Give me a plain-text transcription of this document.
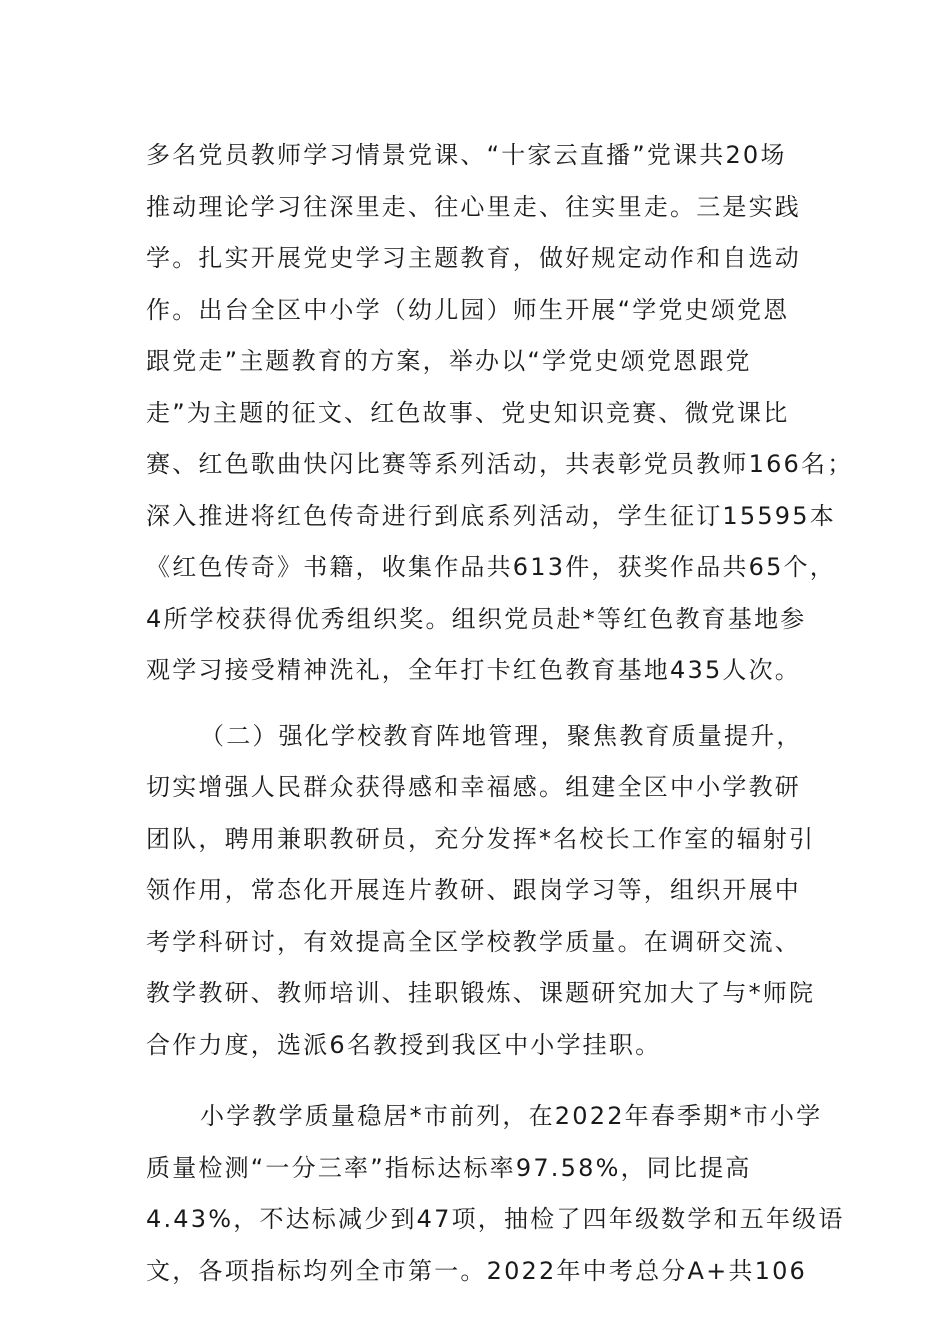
多名党员教师学习情景党课、“十家云直播”党课共20场
推动理论学习往深里走、往心里走、往实里走。三是实践
学。扎实开展党史学习主题教育，做好规定动作和自选动
作。出台全区中小学（幼儿园）师生开展“学党史颂党恩
跟党走”主题教育的方案，举办以“学党史颂党恩跟党
走”为主题的征文、红色故事、党史知识竞赛、微党课比
赛、红色歌曲快闪比赛等系列活动，共表彰党员教师166名；
深入推进将红色传奇进行到底系列活动，学生征订15595本
《红色传奇》书籍，收集作品共613件，获奖作品共65个，
4所学校获得优秀组织奖。组织党员赴*等红色教育基地参
观学习接受精神洗礼，全年打卡红色教育基地435人次。
（二）强化学校教育阵地管理，聚焦教育质量提升，
切实增强人民群众获得感和幸福感。组建全区中小学教研
团队，聘用兼职教研员，充分发挥*名校长工作室的辐射引
领作用，常态化开展连片教研、跟岗学习等，组织开展中
考学科研讨，有效提高全区学校教学质量。在调研交流、
教学教研、教师培训、挂职锻炼、课题研究加大了与*师院
合作力度，选派6名教授到我区中小学挂职。
小学教学质量稳居*市前列，在2022年春季期*市小学
质量检测“一分三率”指标达标率97.58%，同比提高
4.43%，不达标减少到47项，抽检了四年级数学和五年级语
文，各项指标均列全市第一。2022年中考总分A+共106
